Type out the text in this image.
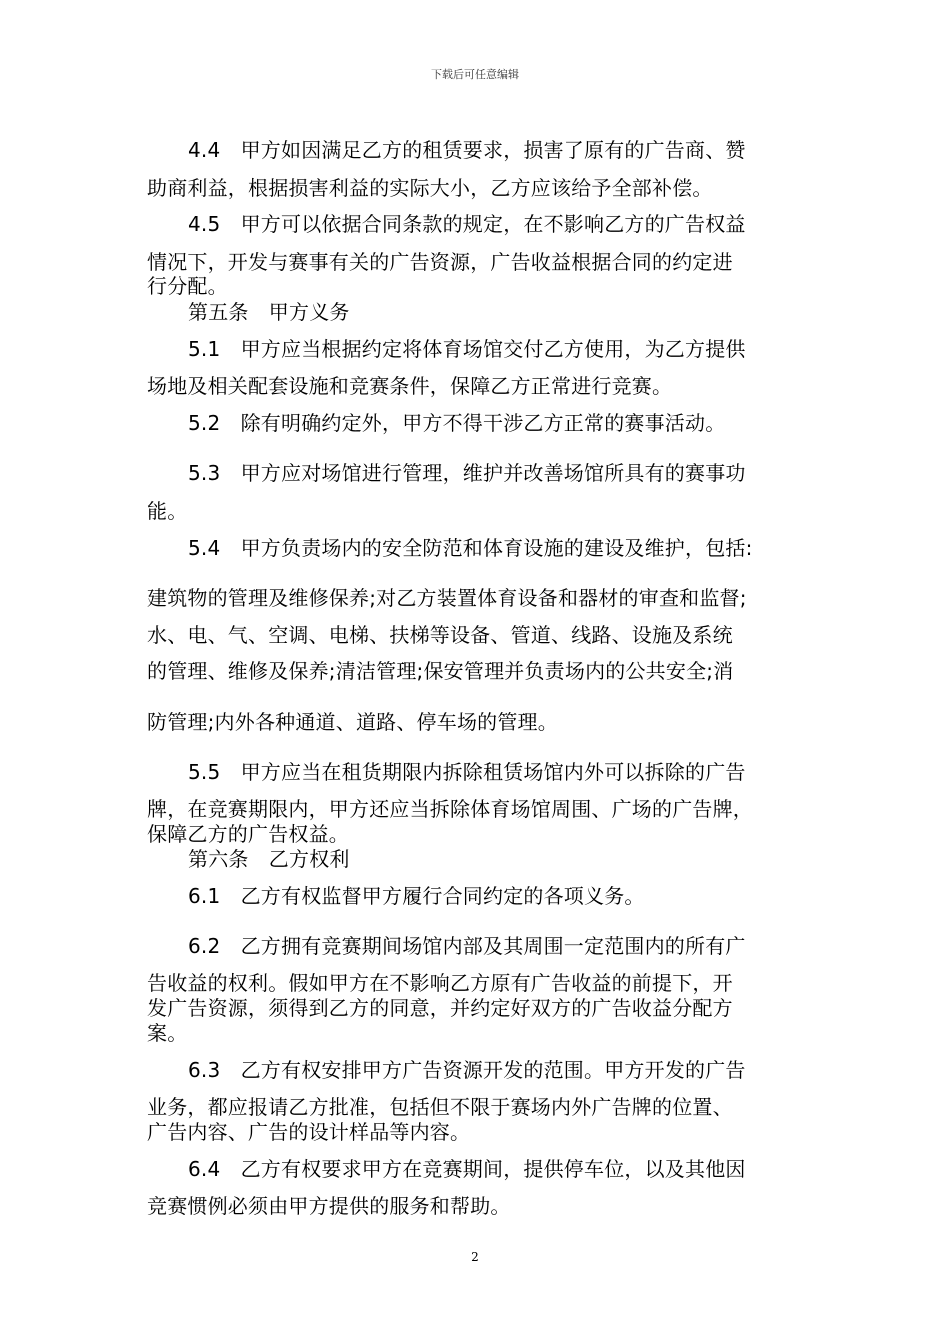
下载后可任意编辑
4.4　甲方如因满足乙方的租赁要求，损害了原有的广告商、赞
助商利益，根据损害利益的实际大小，乙方应该给予全部补偿。
4.5　甲方可以依据合同条款的规定，在不影响乙方的广告权益
情况下，开发与赛事有关的广告资源，广告收益根据合同的约定进
行分配。
第五条　甲方义务
5.1　甲方应当根据约定将体育场馆交付乙方使用，为乙方提供
场地及相关配套设施和竞赛条件，保障乙方正常进行竞赛。
5.2　除有明确约定外，甲方不得干涉乙方正常的赛事活动。
5.3　甲方应对场馆进行管理，维护并改善场馆所具有的赛事功
能。
5.4　甲方负责场内的安全防范和体育设施的建设及维护，包括:
建筑物的管理及维修保养;对乙方装置体育设备和器材的审查和监督;
水、电、气、空调、电梯、扶梯等设备、管道、线路、设施及系统
的管理、维修及保养;清洁管理;保安管理并负责场内的公共安全;消
防管理;内外各种通道、道路、停车场的管理。
5.5　甲方应当在租货期限内拆除租赁场馆内外可以拆除的广告
牌，在竞赛期限内，甲方还应当拆除体育场馆周围、广场的广告牌，
保障乙方的广告权益。
第六条　乙方权利
6.1　乙方有权监督甲方履行合同约定的各项义务。
6.2　乙方拥有竞赛期间场馆内部及其周围一定范围内的所有广
告收益的权利。假如甲方在不影响乙方原有广告收益的前提下，开
发广告资源，须得到乙方的同意，并约定好双方的广告收益分配方
案。
6.3　乙方有权安排甲方广告资源开发的范围。甲方开发的广告
业务，都应报请乙方批准，包括但不限于赛场内外广告牌的位置、
广告内容、广告的设计样品等内容。
6.4　乙方有权要求甲方在竞赛期间，提供停车位，以及其他因
竞赛惯例必须由甲方提供的服务和帮助。
2
